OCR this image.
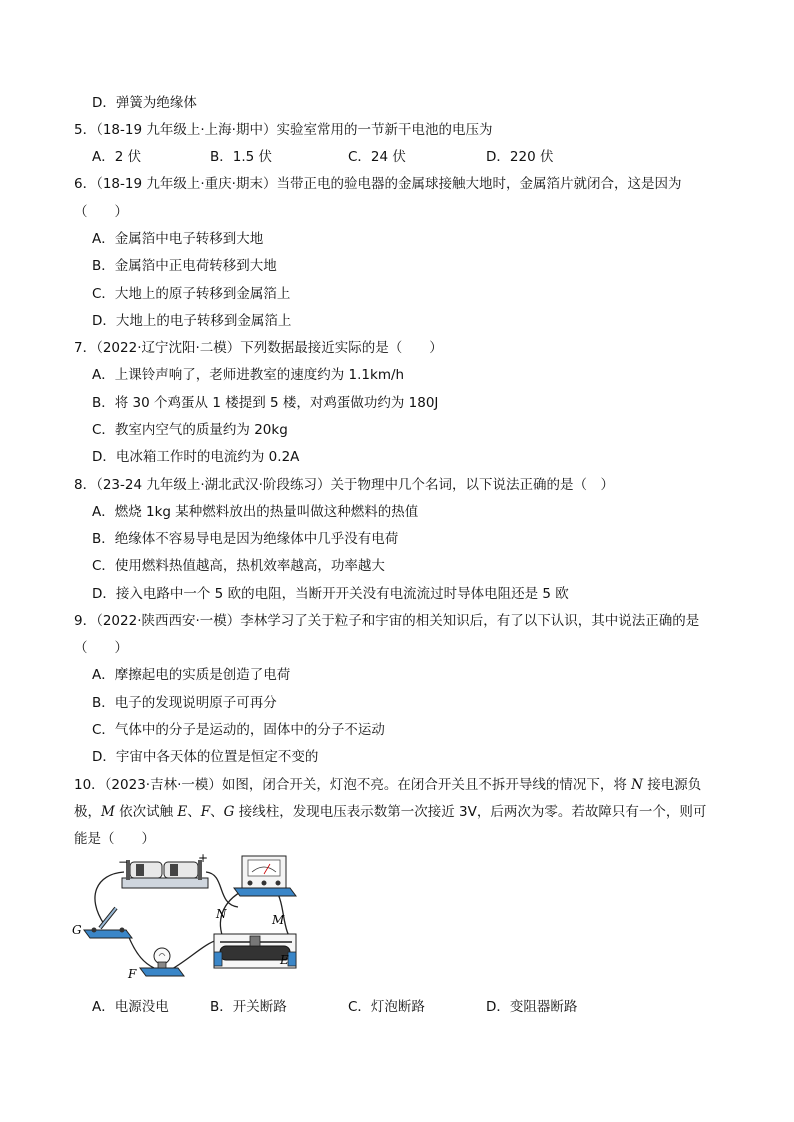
D．弹簧为绝缘体
5．（18-19 九年级上·上海·期中）实验室常用的一节新干电池的电压为
A．2 伏	B．1.5 伏	C．24 伏	D．220 伏
6．（18-19 九年级上·重庆·期末）当带正电的验电器的金属球接触大地时，金属箔片就闭合，这是因为
（　　）
A．金属箔中电子转移到大地
B．金属箔中正电荷转移到大地
C．大地上的原子转移到金属箔上
D．大地上的电子转移到金属箔上
7．（2022·辽宁沈阳·二模）下列数据最接近实际的是（　　）
A．上课铃声响了，老师进教室的速度约为 1.1km/h
B．将 30 个鸡蛋从 1 楼提到 5 楼，对鸡蛋做功约为 180J
C．教室内空气的质量约为 20kg
D．电冰箱工作时的电流约为 0.2A
8．（23-24 九年级上·湖北武汉·阶段练习）关于物理中几个名词，以下说法正确的是（　）
A．燃烧 1kg 某种燃料放出的热量叫做这种燃料的热值
B．绝缘体不容易导电是因为绝缘体中几乎没有电荷
C．使用燃料热值越高，热机效率越高，功率越大
D．接入电路中一个 5 欧的电阻，当断开开关没有电流流过时导体电阻还是 5 欧
9．（2022·陕西西安·一模）李林学习了关于粒子和宇宙的相关知识后，有了以下认识，其中说法正确的是
（　　）
A．摩擦起电的实质是创造了电荷
B．电子的发现说明原子可再分
C．气体中的分子是运动的，固体中的分子不运动
D．宇宙中各天体的位置是恒定不变的
10．（2023·吉林·一模）如图，闭合开关，灯泡不亮。在闭合开关且不拆开导线的情况下，将 N 接电源负
极，M 依次试触 E、F、G 接线柱，发现电压表示数第一次接近 3V，后两次为零。若故障只有一个，则可
能是（　　）
−	+
N	M
G
F
E
A．电源没电	B．开关断路	C．灯泡断路	D．变阻器断路
